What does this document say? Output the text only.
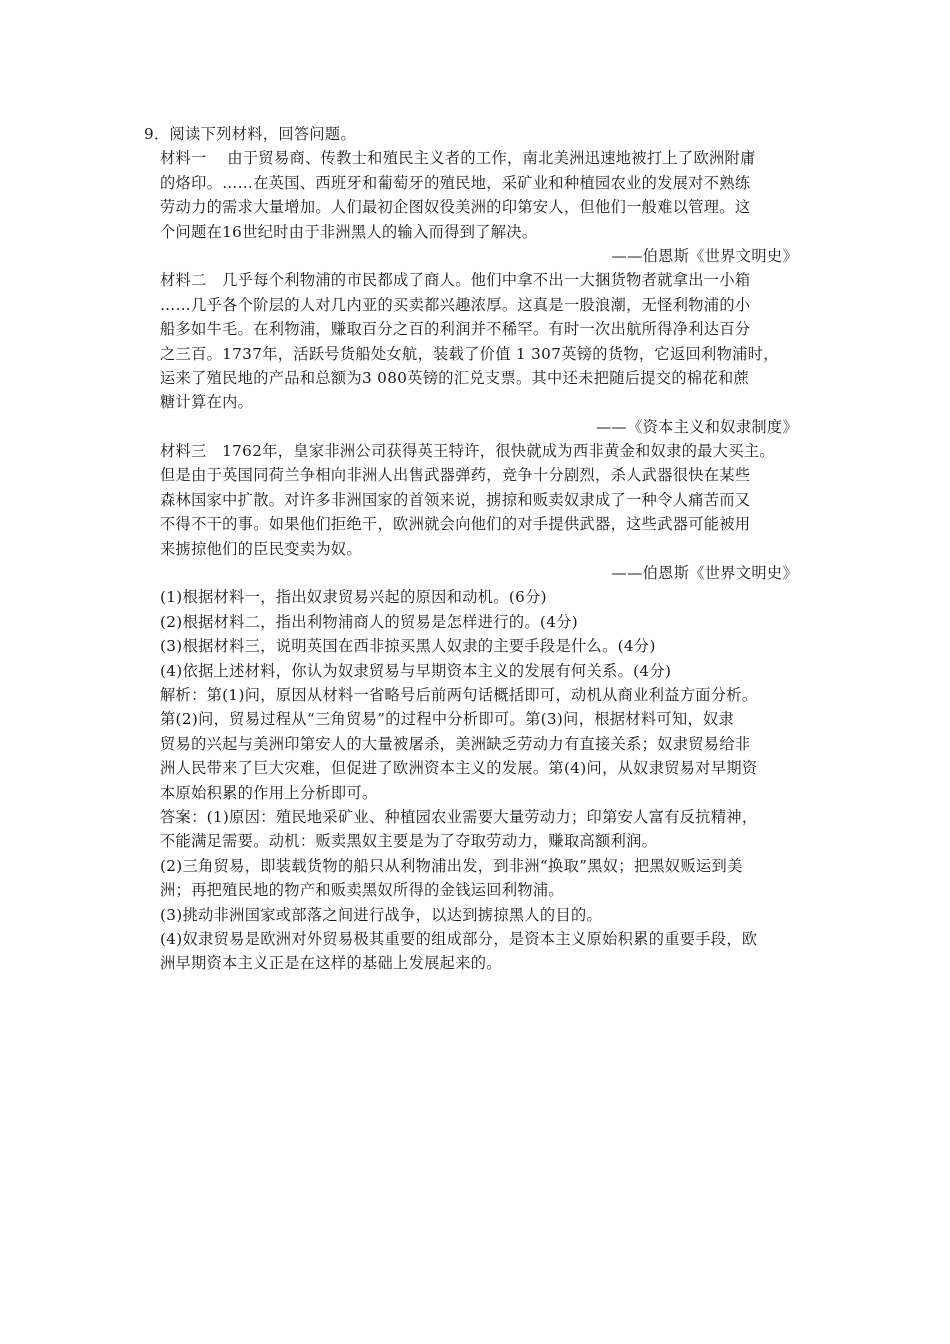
9．阅读下列材料，回答问题。
材料一　 由于贸易商、传教士和殖民主义者的工作，南北美洲迅速地被打上了欧洲附庸
的烙印。……在英国、西班牙和葡萄牙的殖民地，采矿业和种植园农业的发展对不熟练
劳动力的需求大量增加。人们最初企图奴役美洲的印第安人，但他们一般难以管理。这
个问题在16世纪时由于非洲黑人的输入而得到了解决。
——伯恩斯《世界文明史》
材料二　几乎每个利物浦的市民都成了商人。他们中拿不出一大捆货物者就拿出一小箱
……几乎各个阶层的人对几内亚的买卖都兴趣浓厚。这真是一股浪潮，无怪利物浦的小
船多如牛毛。在利物浦，赚取百分之百的利润并不稀罕。有时一次出航所得净利达百分
之三百。1737年，活跃号货船处女航，装载了价值 1 307英镑的货物，它返回利物浦时，
运来了殖民地的产品和总额为3 080英镑的汇兑支票。其中还未把随后提交的棉花和蔗
糖计算在内。
——《资本主义和奴隶制度》
材料三　1762年，皇家非洲公司获得英王特许，很快就成为西非黄金和奴隶的最大买主。
但是由于英国同荷兰争相向非洲人出售武器弹药，竞争十分剧烈，杀人武器很快在某些
森林国家中扩散。对许多非洲国家的首领来说，掳掠和贩卖奴隶成了一种令人痛苦而又
不得不干的事。如果他们拒绝干，欧洲就会向他们的对手提供武器，这些武器可能被用
来掳掠他们的臣民变卖为奴。
——伯恩斯《世界文明史》
(1)根据材料一，指出奴隶贸易兴起的原因和动机。(6分)
(2)根据材料二，指出利物浦商人的贸易是怎样进行的。(4分)
(3)根据材料三，说明英国在西非掠买黑人奴隶的主要手段是什么。(4分)
(4)依据上述材料，你认为奴隶贸易与早期资本主义的发展有何关系。(4分)
解析：第(1)问，原因从材料一省略号后前两句话概括即可，动机从商业利益方面分析。
第(2)问，贸易过程从“三角贸易”的过程中分析即可。第(3)问，根据材料可知，奴隶
贸易的兴起与美洲印第安人的大量被屠杀，美洲缺乏劳动力有直接关系；奴隶贸易给非
洲人民带来了巨大灾难，但促进了欧洲资本主义的发展。第(4)问，从奴隶贸易对早期资
本原始积累的作用上分析即可。
答案：(1)原因：殖民地采矿业、种植园农业需要大量劳动力；印第安人富有反抗精神，
不能满足需要。动机：贩卖黑奴主要是为了夺取劳动力，赚取高额利润。
(2)三角贸易，即装载货物的船只从利物浦出发，到非洲“换取”黑奴；把黑奴贩运到美
洲；再把殖民地的物产和贩卖黑奴所得的金钱运回利物浦。
(3)挑动非洲国家或部落之间进行战争，以达到掳掠黑人的目的。
(4)奴隶贸易是欧洲对外贸易极其重要的组成部分，是资本主义原始积累的重要手段，欧
洲早期资本主义正是在这样的基础上发展起来的。
